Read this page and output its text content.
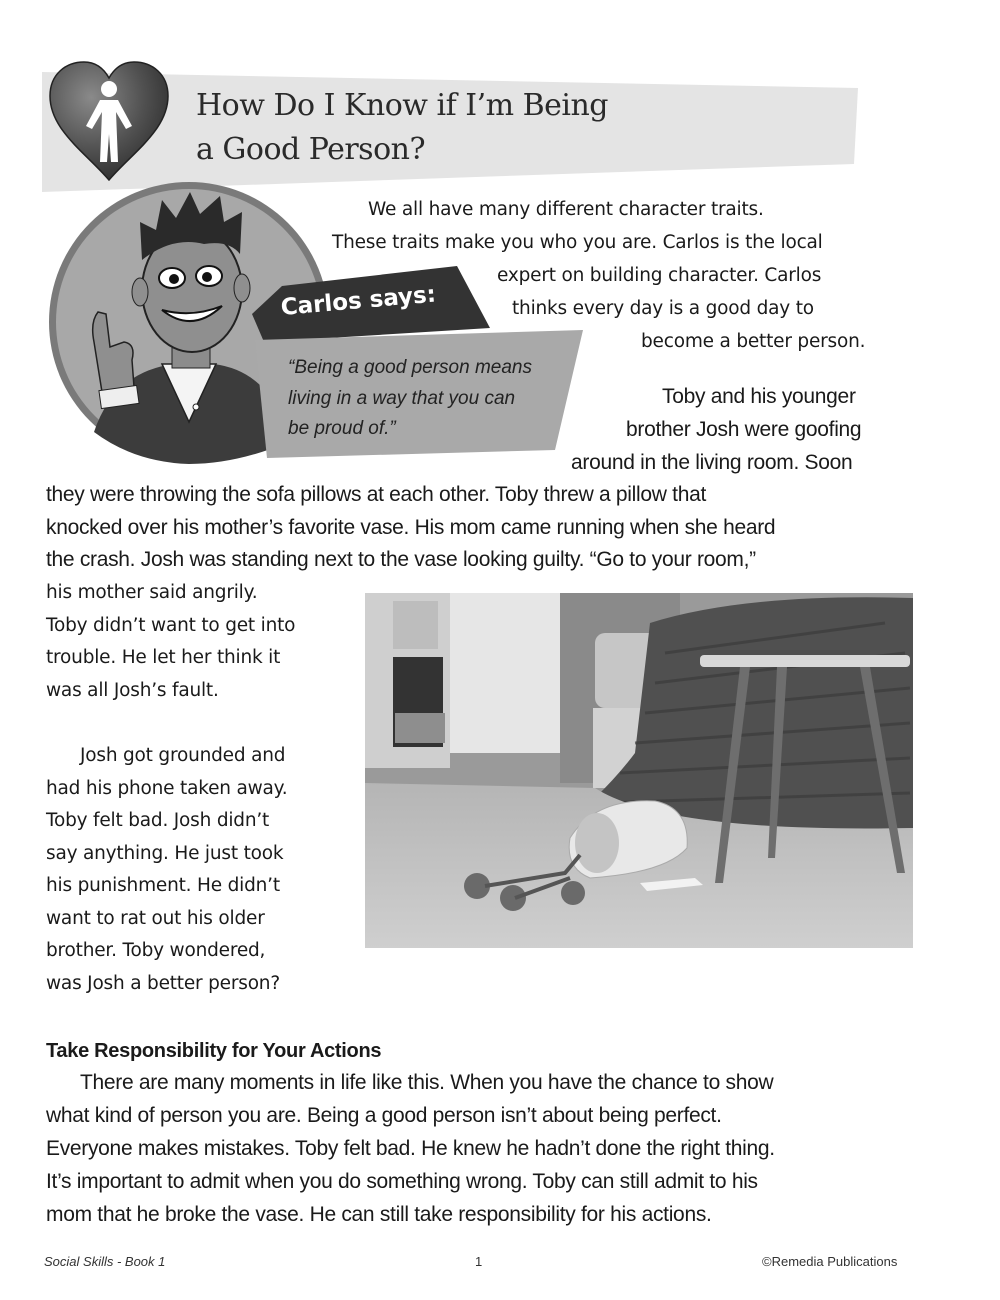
How Do I Know if I’m Being
a Good Person?
Carlos says:
“Being a good person means
living in a way that you can
be proud of.”
We all have many different character traits.
These traits make you who you are. Carlos is the local
expert on building character. Carlos
thinks every day is a good day to
become a better person.
Toby and his younger
brother Josh were goofing
around in the living room. Soon
they were throwing the sofa pillows at each other. Toby threw a pillow that
knocked over his mother’s favorite vase. His mom came running when she heard
the crash. Josh was standing next to the vase looking guilty. “Go to your room,”
his mother said angrily.
Toby didn’t want to get into
trouble. He let her think it
was all Josh’s fault.
Josh got grounded and
had his phone taken away.
Toby felt bad. Josh didn’t
say anything. He just took
his punishment. He didn’t
want to rat out his older
brother. Toby wondered,
was Josh a better person?
Take Responsibility for Your Actions
There are many moments in life like this. When you have the chance to show
what kind of person you are. Being a good person isn’t about being perfect.
Everyone makes mistakes. Toby felt bad. He knew he hadn’t done the right thing.
It’s important to admit when you do something wrong. Toby can still admit to his
mom that he broke the vase. He can still take responsibility for his actions.
Social Skills - Book 1	1	©Remedia Publications
